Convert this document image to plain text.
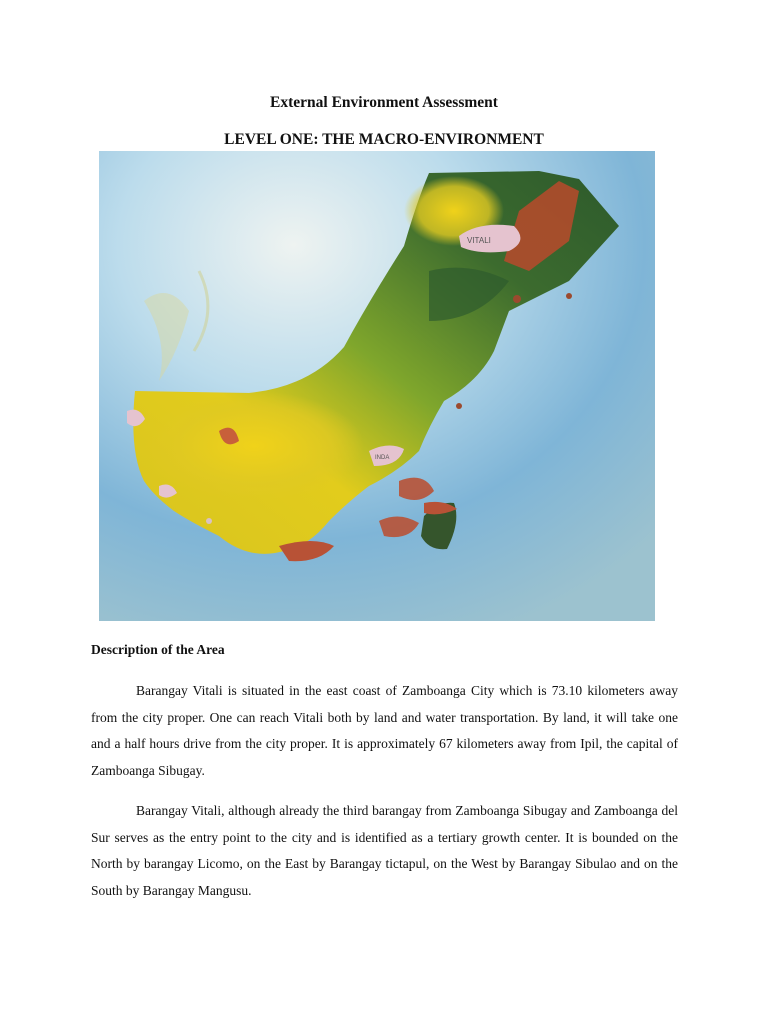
External Environment Assessment
LEVEL ONE: THE MACRO-ENVIRONMENT
VITALI
INDA

Description of the Area

Barangay Vitali is situated in the east coast of Zamboanga City which is 73.10 kilometers away from the city proper. One can reach Vitali both by land and water transportation. By land, it will take one and a half hours drive from the city proper. It is approximately 67 kilometers away from Ipil, the capital of Zamboanga Sibugay.

Barangay Vitali, although already the third barangay from Zamboanga Sibugay and Zamboanga del Sur serves as the entry point to the city and is identified as a tertiary growth center. It is bounded on the North by barangay Licomo, on the East by Barangay tictapul, on the West by Barangay Sibulao and on the South by Barangay Mangusu.
